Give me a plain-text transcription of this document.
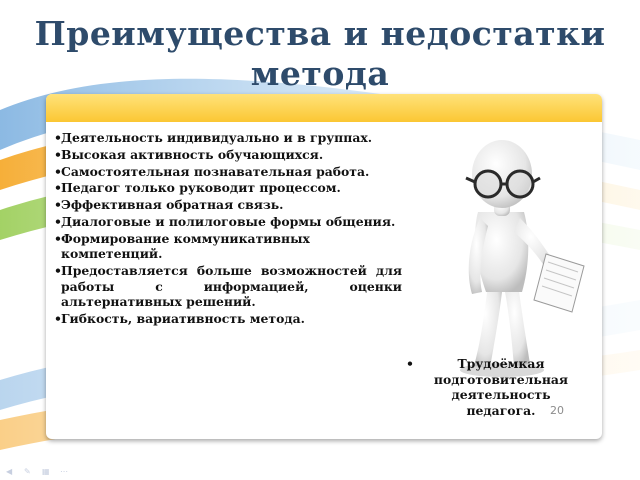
Преимущества и недостатки метода
• Деятельность индивидуально и в группах.
• Высокая активность обучающихся.
• Самостоятельная познавательная работа.
• Педагог только руководит процессом.
• Эффективная обратная связь.
• Диалоговые и полилоговые формы общения.
• Формирование коммуникативных компетенций.
• Предоставляется больше возможностей для работы с информацией, оценки альтернативных решений.
• Гибкость, вариативность метода.
•	Трудоёмкая подготовительная деятельность педагога.	20
◀	✎	▦	⋯
